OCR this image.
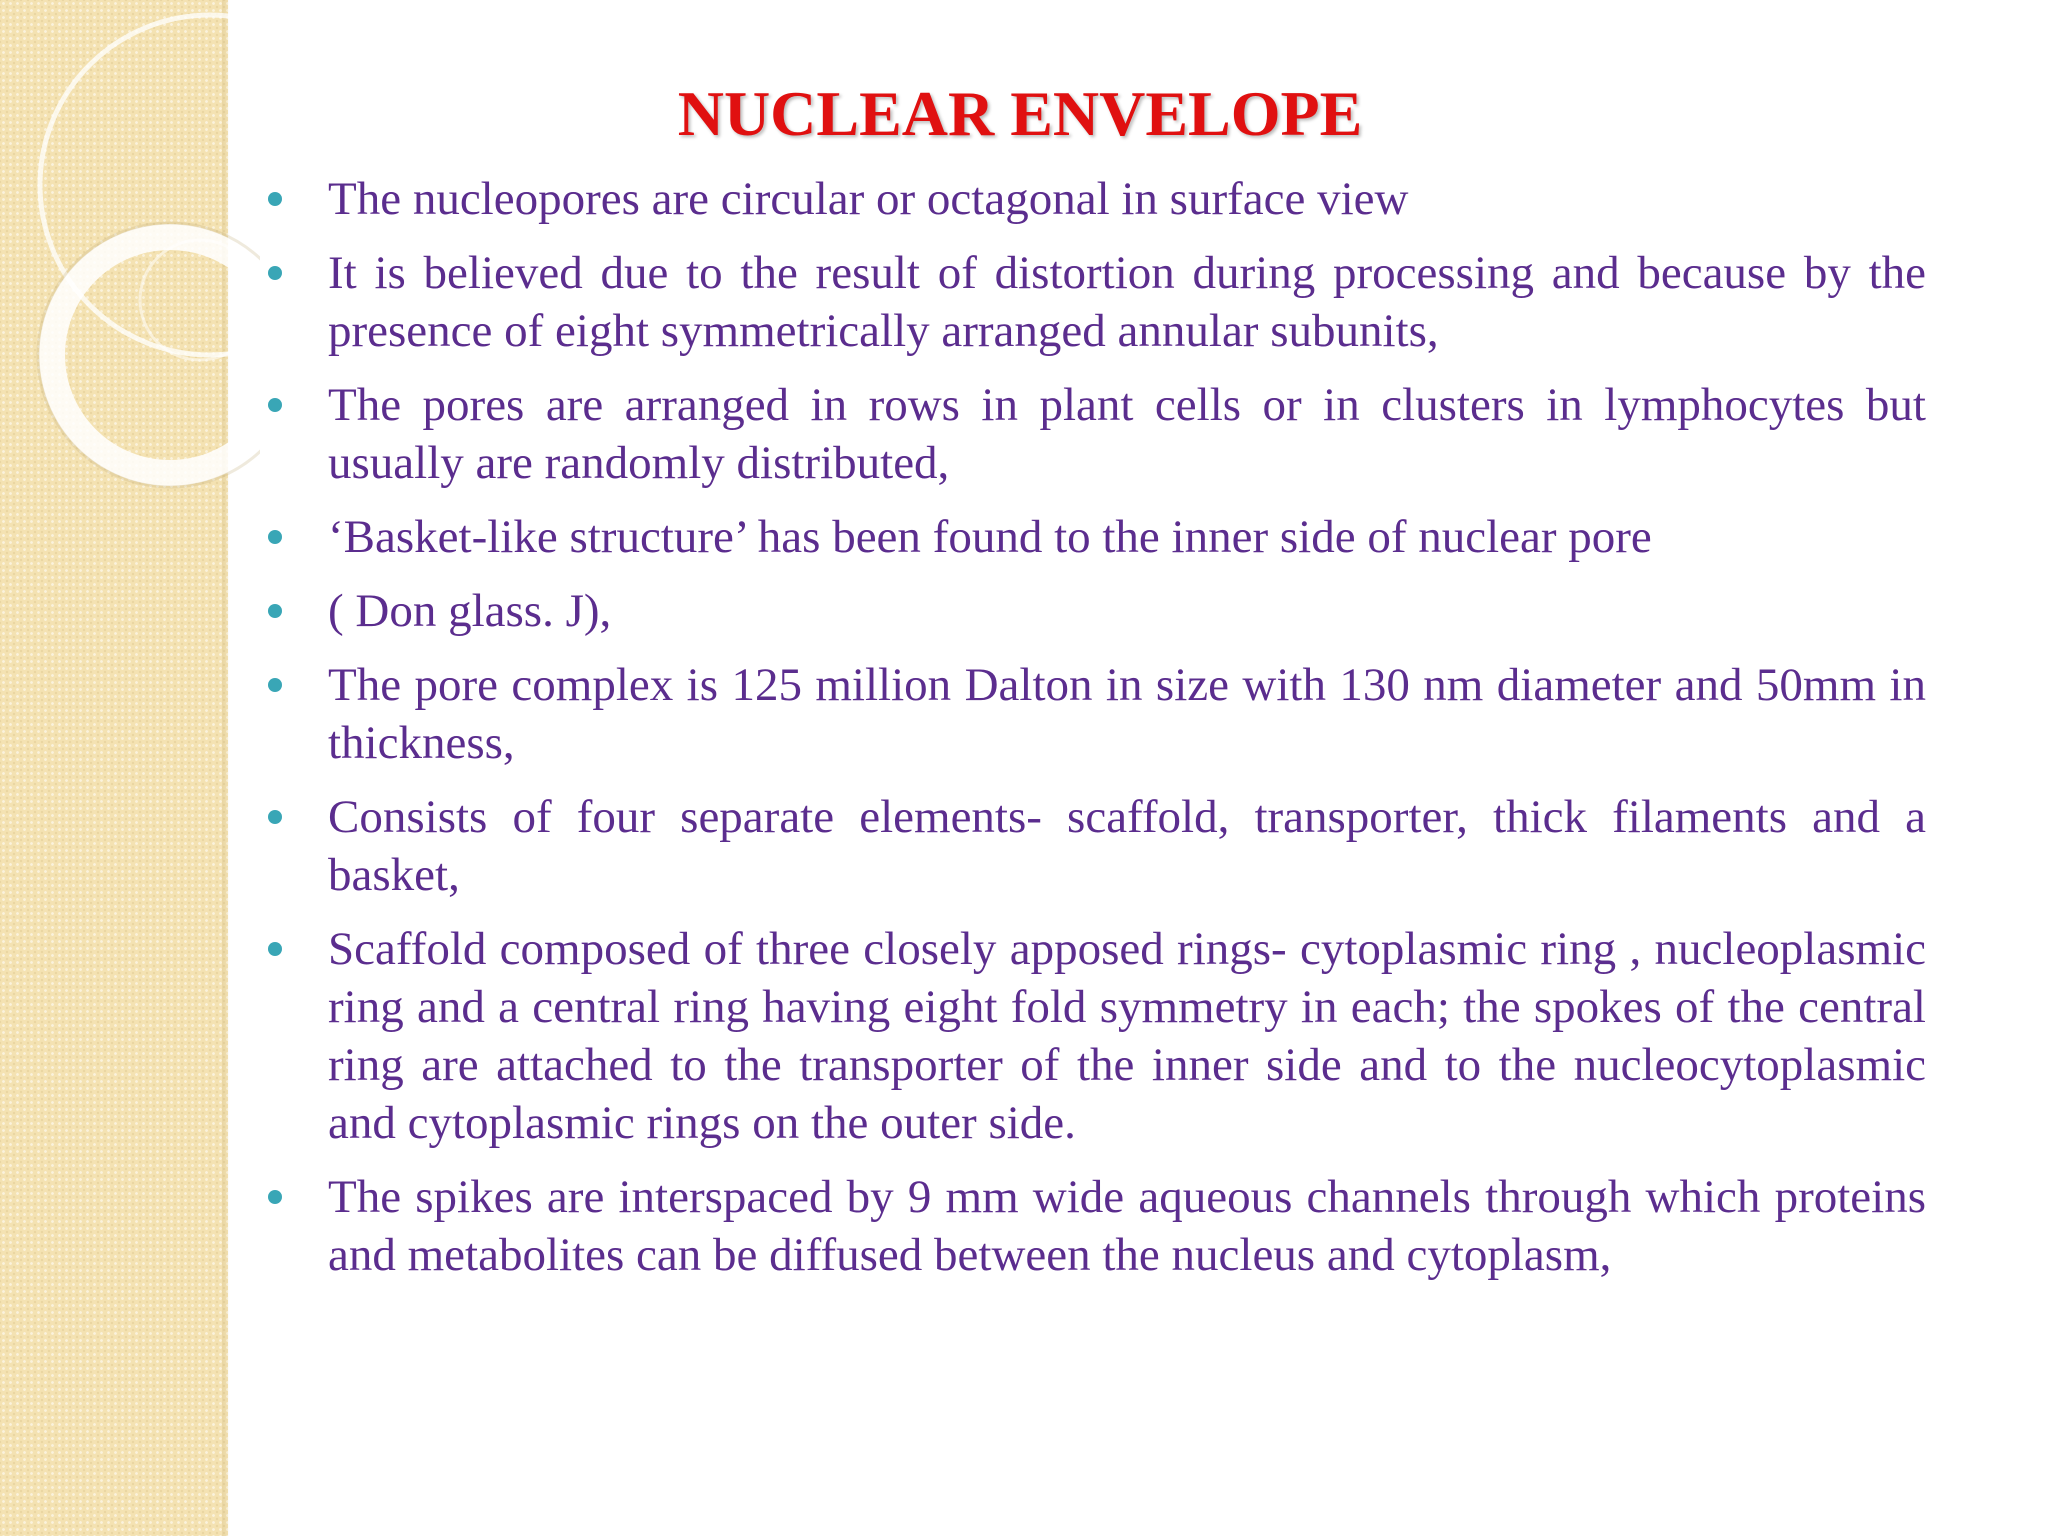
NUCLEAR ENVELOPE
The nucleopores are circular or octagonal in surface view
It is believed due to the result of distortion during processing and because by the presence of eight symmetrically arranged annular subunits,
The pores are arranged in rows in plant cells or in clusters in lymphocytes but usually are randomly distributed,
‘Basket-like structure’ has been found to the inner side of nuclear pore
( Don glass. J),
The pore complex is 125 million Dalton in size with 130 nm diameter and 50mm in thickness,
Consists of four separate elements- scaffold, transporter, thick filaments and a basket,
Scaffold composed of three closely apposed rings- cytoplasmic ring , nucleoplasmic ring and a central ring having eight fold symmetry in each; the spokes of the central ring are attached to the transporter of the inner side and to the nucleocytoplasmic and cytoplasmic rings on the outer side.
The spikes are interspaced by 9 mm wide aqueous channels through which proteins and metabolites can be diffused between the nucleus and cytoplasm,
